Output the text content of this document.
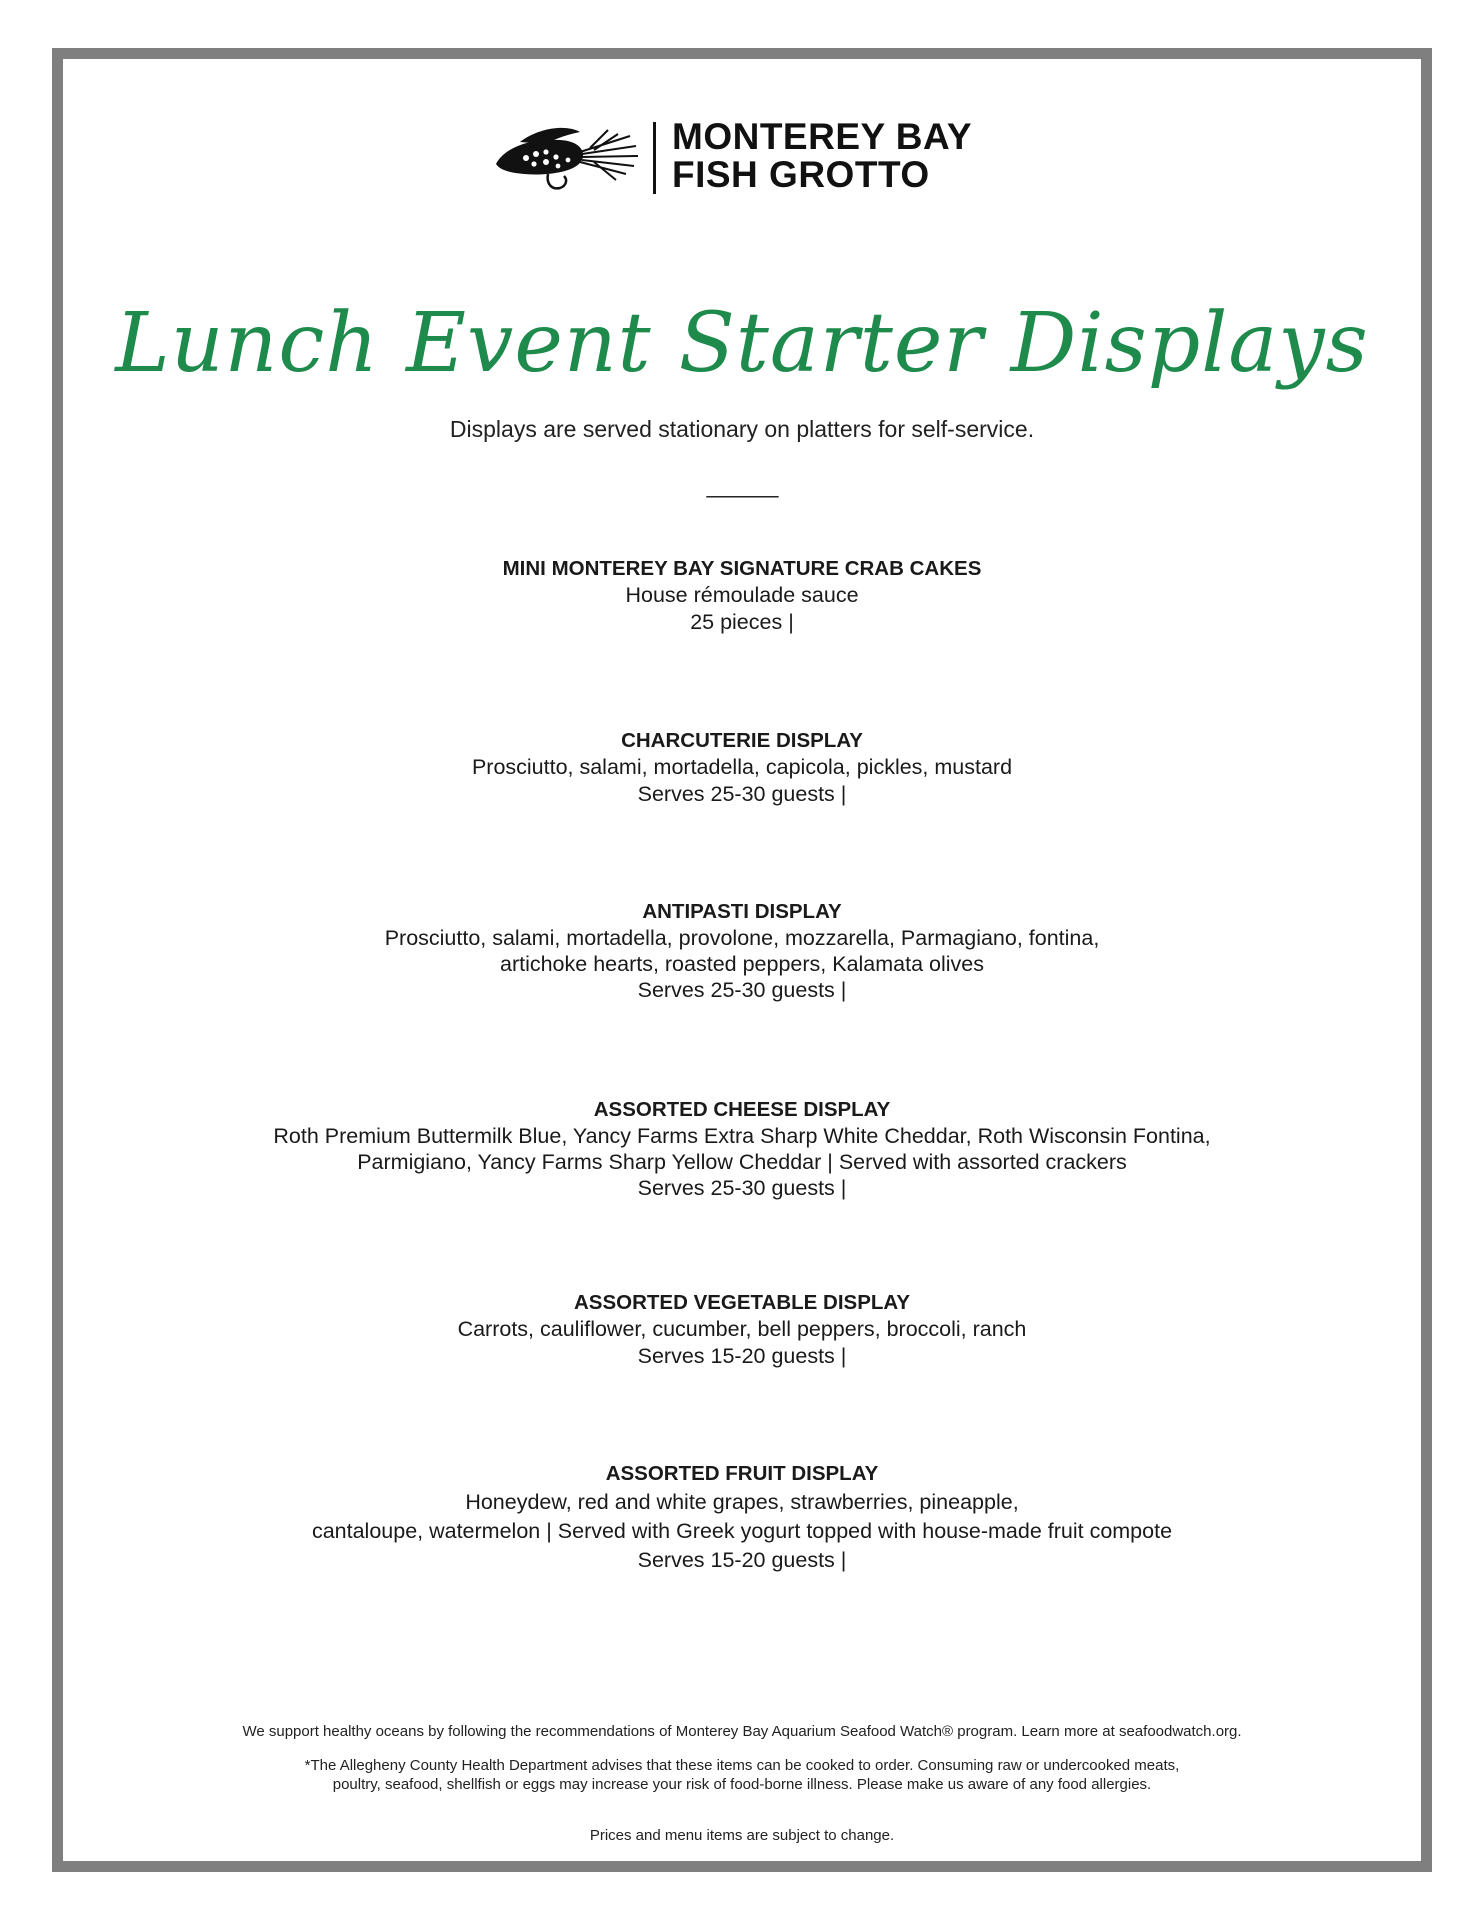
MONTEREY BAY
FISH GROTTO
Lunch Event Starter Displays
Displays are served stationary on platters for self-service.
______
MINI MONTEREY BAY SIGNATURE CRAB CAKES
House rémoulade sauce
25 pieces |
CHARCUTERIE DISPLAY
Prosciutto, salami, mortadella, capicola, pickles, mustard
Serves 25-30 guests |
ANTIPASTI DISPLAY
Prosciutto, salami, mortadella, provolone, mozzarella, Parmagiano, fontina,
artichoke hearts, roasted peppers, Kalamata olives
Serves 25-30 guests |
ASSORTED CHEESE DISPLAY
Roth Premium Buttermilk Blue, Yancy Farms Extra Sharp White Cheddar, Roth Wisconsin Fontina,
Parmigiano, Yancy Farms Sharp Yellow Cheddar | Served with assorted crackers
Serves 25-30 guests |
ASSORTED VEGETABLE DISPLAY
Carrots, cauliflower, cucumber, bell peppers, broccoli, ranch
Serves 15-20 guests |
ASSORTED FRUIT DISPLAY
Honeydew, red and white grapes, strawberries, pineapple,
cantaloupe, watermelon | Served with Greek yogurt topped with house-made fruit compote
Serves 15-20 guests |
We support healthy oceans by following the recommendations of Monterey Bay Aquarium Seafood Watch® program. Learn more at seafoodwatch.org.
*The Allegheny County Health Department advises that these items can be cooked to order. Consuming raw or undercooked meats,
poultry, seafood, shellfish or eggs may increase your risk of food-borne illness. Please make us aware of any food allergies.
Prices and menu items are subject to change.
